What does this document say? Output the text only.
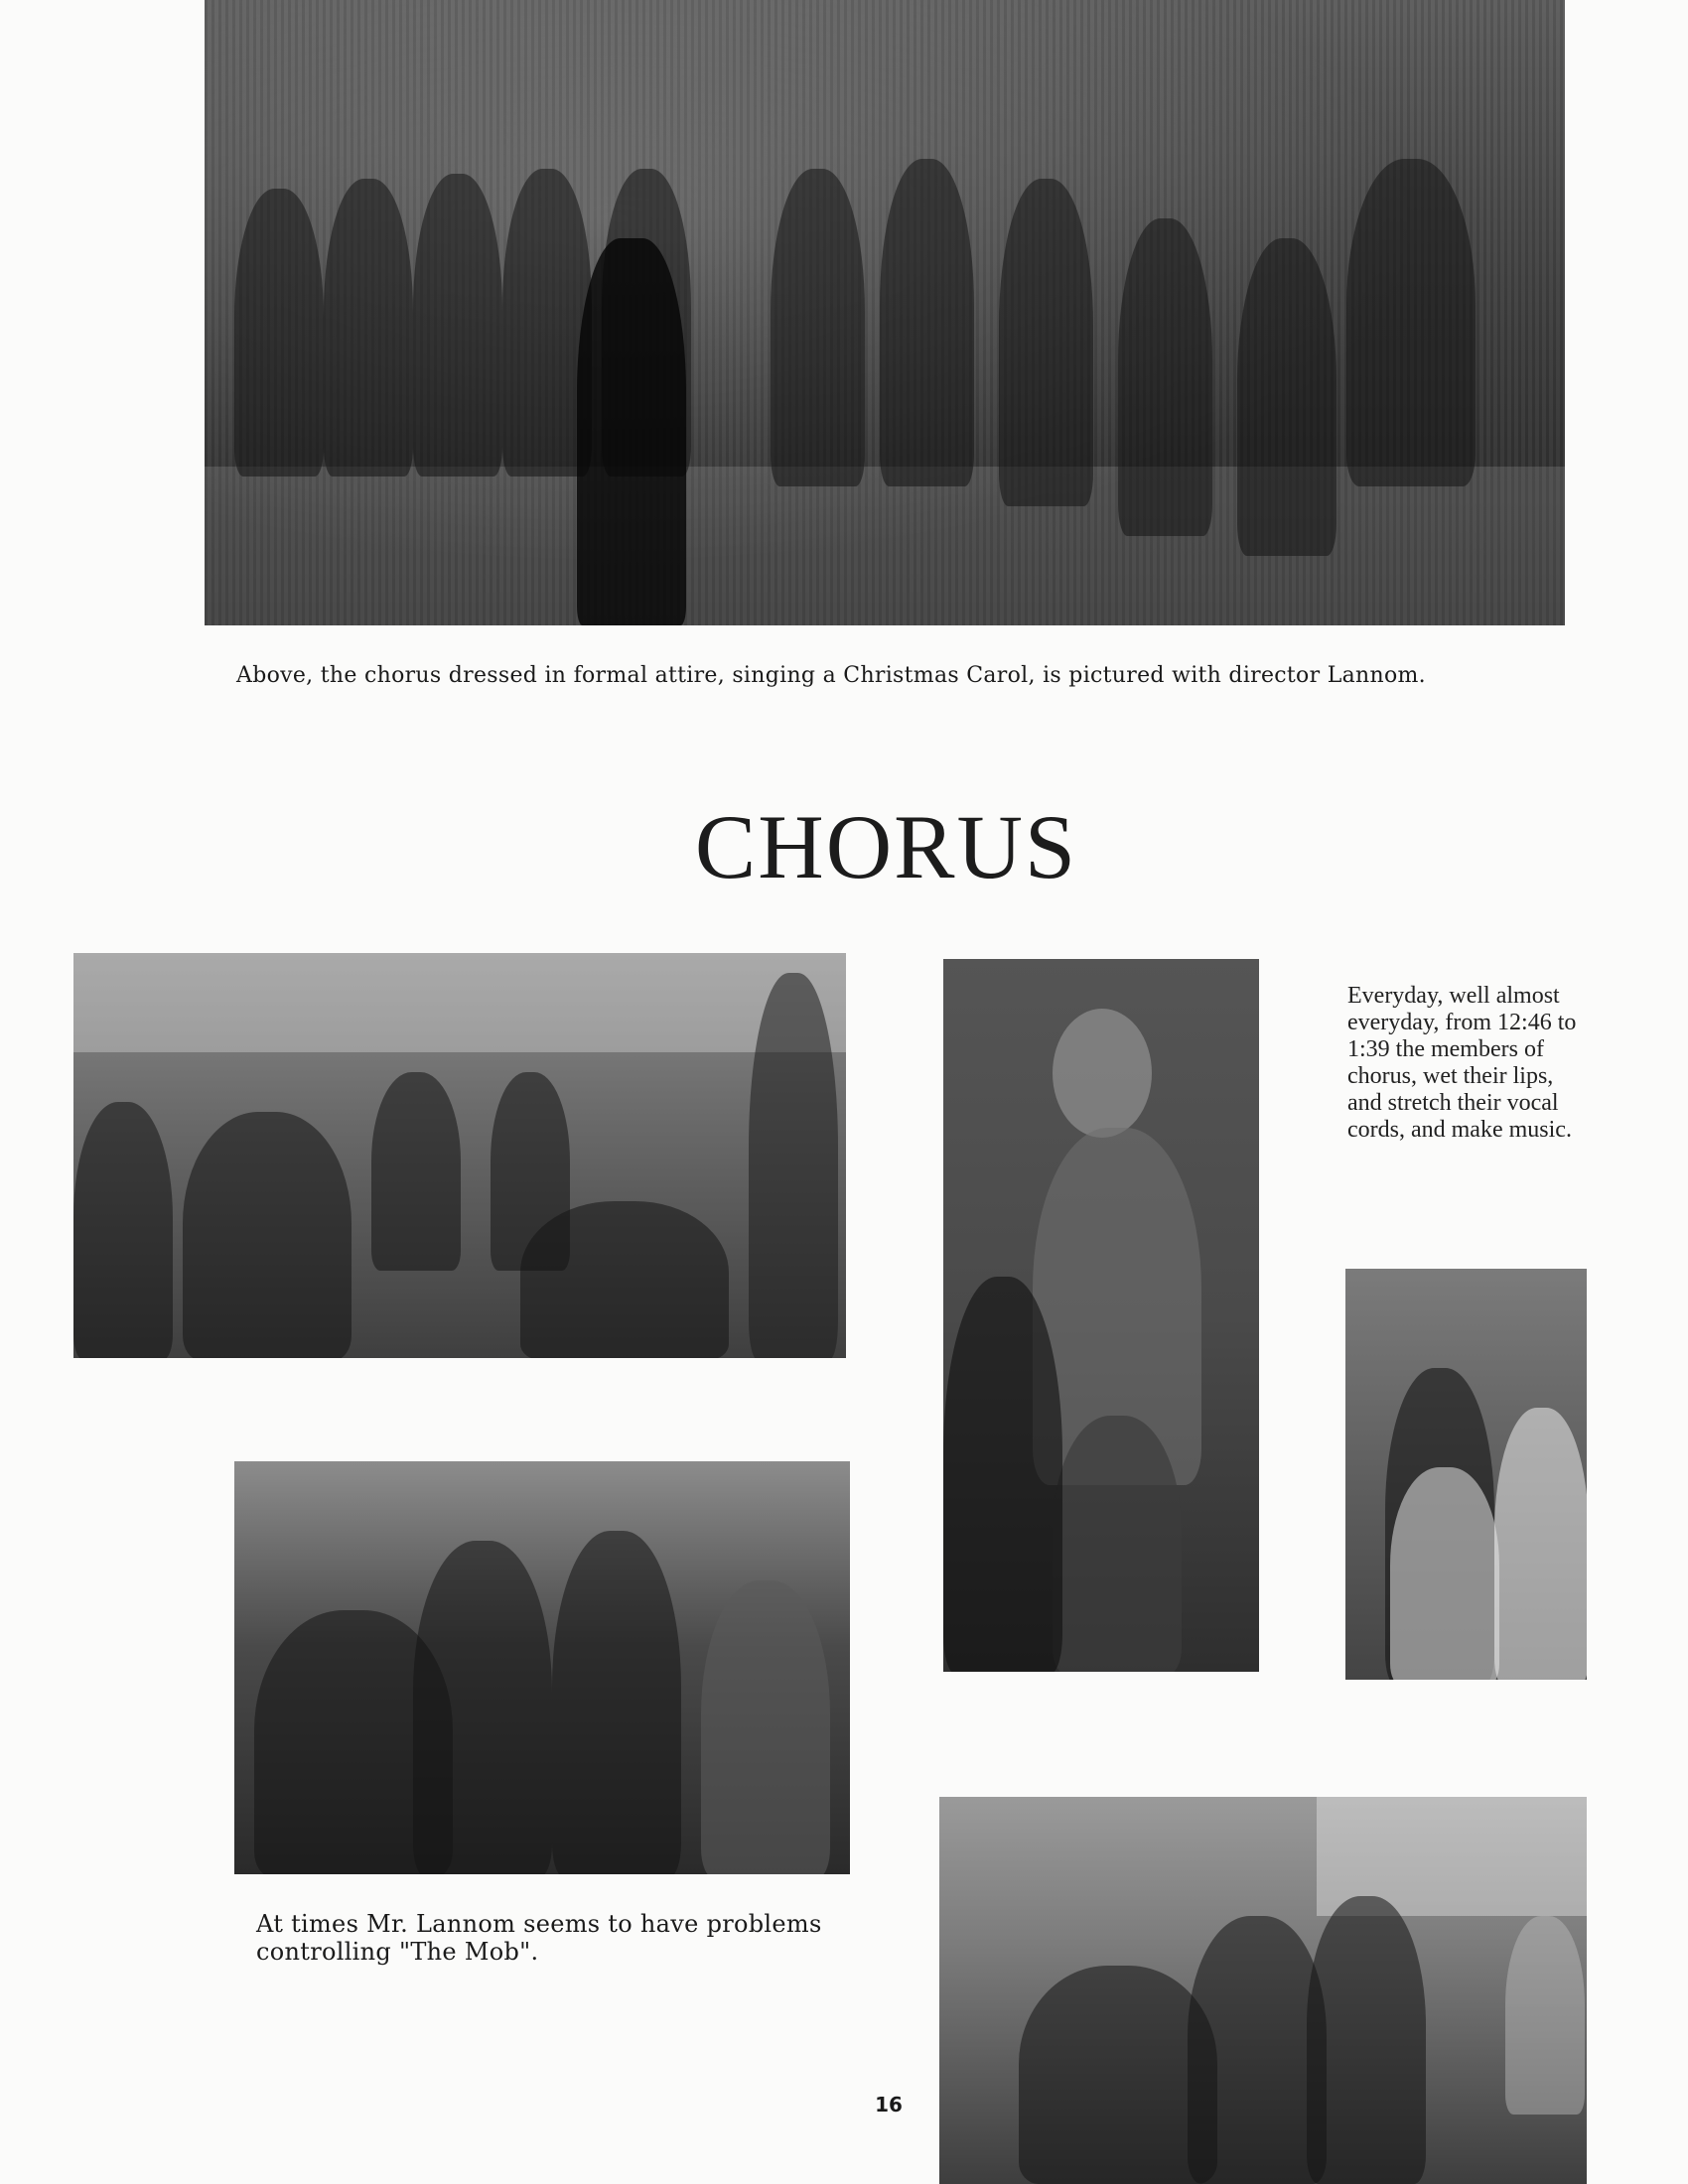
Above, the chorus dressed in formal attire, singing a Christmas Carol, is pictured with director Lannom.
CHORUS
Everyday, well almost everyday, from 12:46 to 1:39 the members of chorus, wet their lips, and stretch their vocal cords, and make music.
At times Mr. Lannom seems to have problems controlling "The Mob".
16
